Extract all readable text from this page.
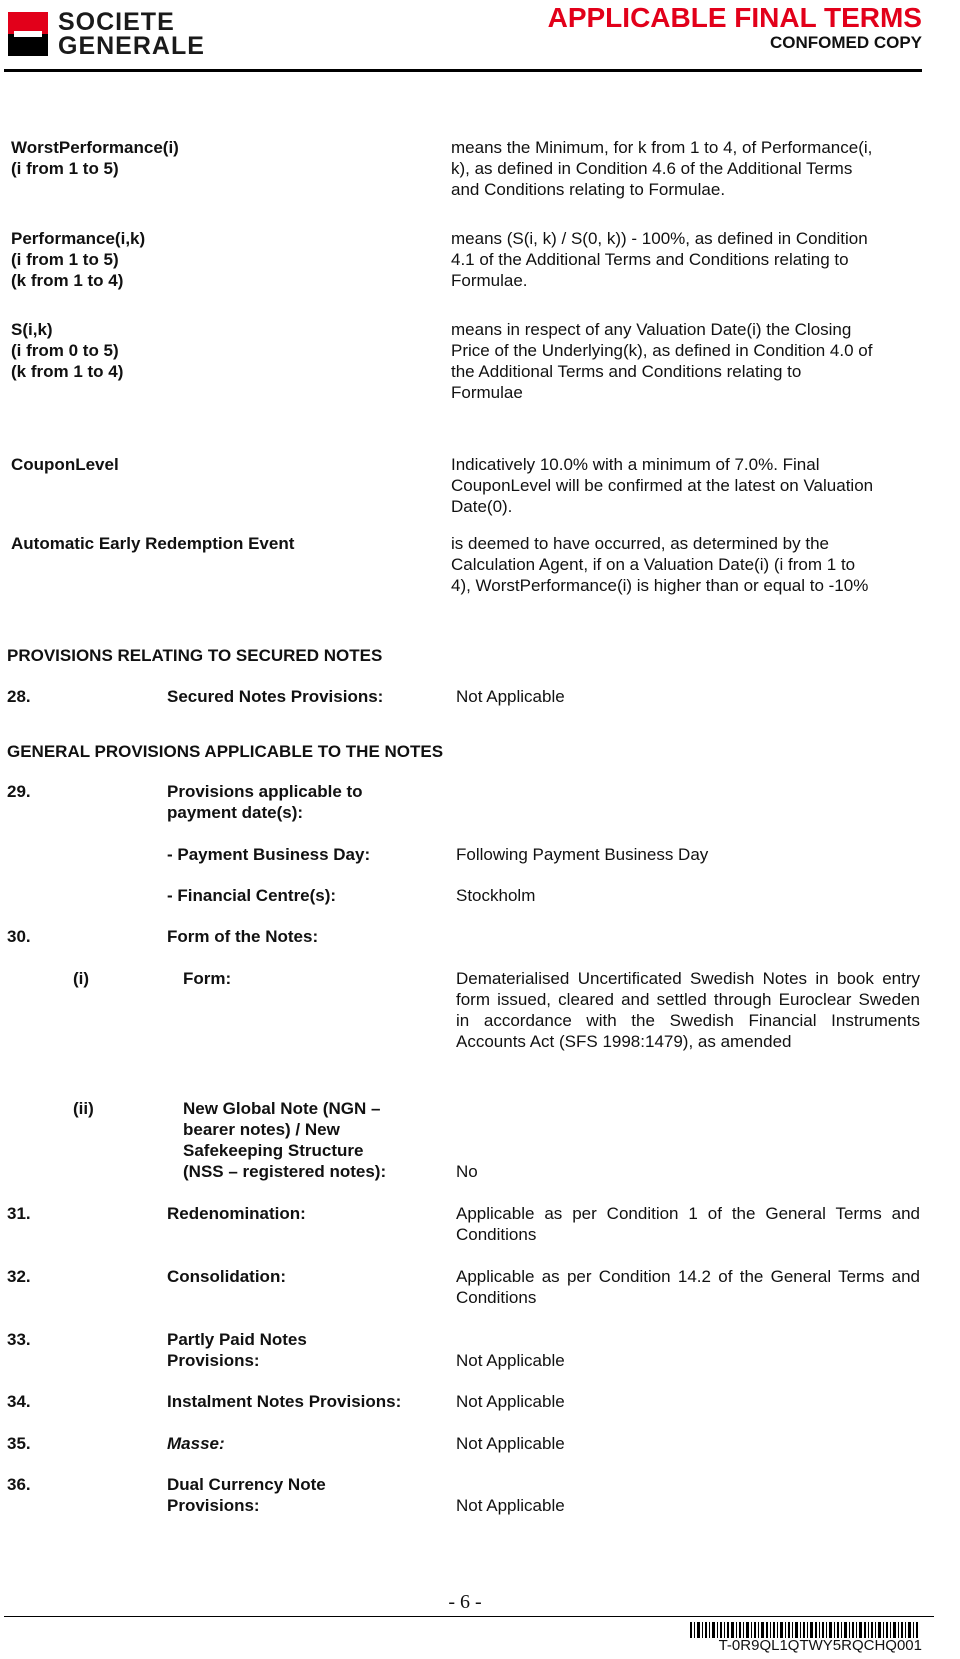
SOCIETE
GENERALE
APPLICABLE FINAL TERMS
CONFOMED COPY
WorstPerformance(i)
(i from 1 to 5)
means the Minimum, for k from 1 to 4, of Performance(i,
k), as defined in Condition 4.6 of the Additional Terms
and Conditions relating to Formulae.
Performance(i,k)
(i from 1 to 5)
(k from 1 to 4)
means (S(i, k) / S(0, k)) - 100%, as defined in Condition
4.1 of the Additional Terms and Conditions relating to
Formulae.
S(i,k)
(i from 0 to 5)
(k from 1 to 4)
means in respect of any Valuation Date(i) the Closing
Price of the Underlying(k), as defined in Condition 4.0 of
the Additional Terms and Conditions relating to
Formulae
CouponLevel	Indicatively 10.0% with a minimum of 7.0%. Final
CouponLevel will be confirmed at the latest on Valuation
Date(0).
Automatic Early Redemption Event	is deemed to have occurred, as determined by the
Calculation Agent, if on a Valuation Date(i) (i from 1 to
4), WorstPerformance(i) is higher than or equal to -10%
PROVISIONS RELATING TO SECURED NOTES
28.	Secured Notes Provisions:	Not Applicable
GENERAL PROVISIONS APPLICABLE TO THE NOTES
29.	Provisions applicable to
payment date(s):
- Payment Business Day:	Following Payment Business Day
- Financial Centre(s):	Stockholm
30.	Form of the Notes:
(i)	Form:	Dematerialised Uncertificated Swedish Notes in book entry form issued, cleared and settled through Euroclear Sweden in accordance with the Swedish Financial Instruments Accounts Act (SFS 1998:1479), as amended
(ii)	New Global Note (NGN –
bearer notes) / New
Safekeeping Structure
(NSS – registered notes):	No
31.	Redenomination:	Applicable as per Condition 1 of the General Terms and Conditions
32.	Consolidation:	Applicable as per Condition 14.2 of the General Terms and Conditions
33.	Partly Paid Notes
Provisions:	Not Applicable
34.	Instalment Notes Provisions:	Not Applicable
35.	Masse:	Not Applicable
36.	Dual Currency Note
Provisions:	Not Applicable
- 6 -
T-0R9QL1QTWY5RQCHQ001
